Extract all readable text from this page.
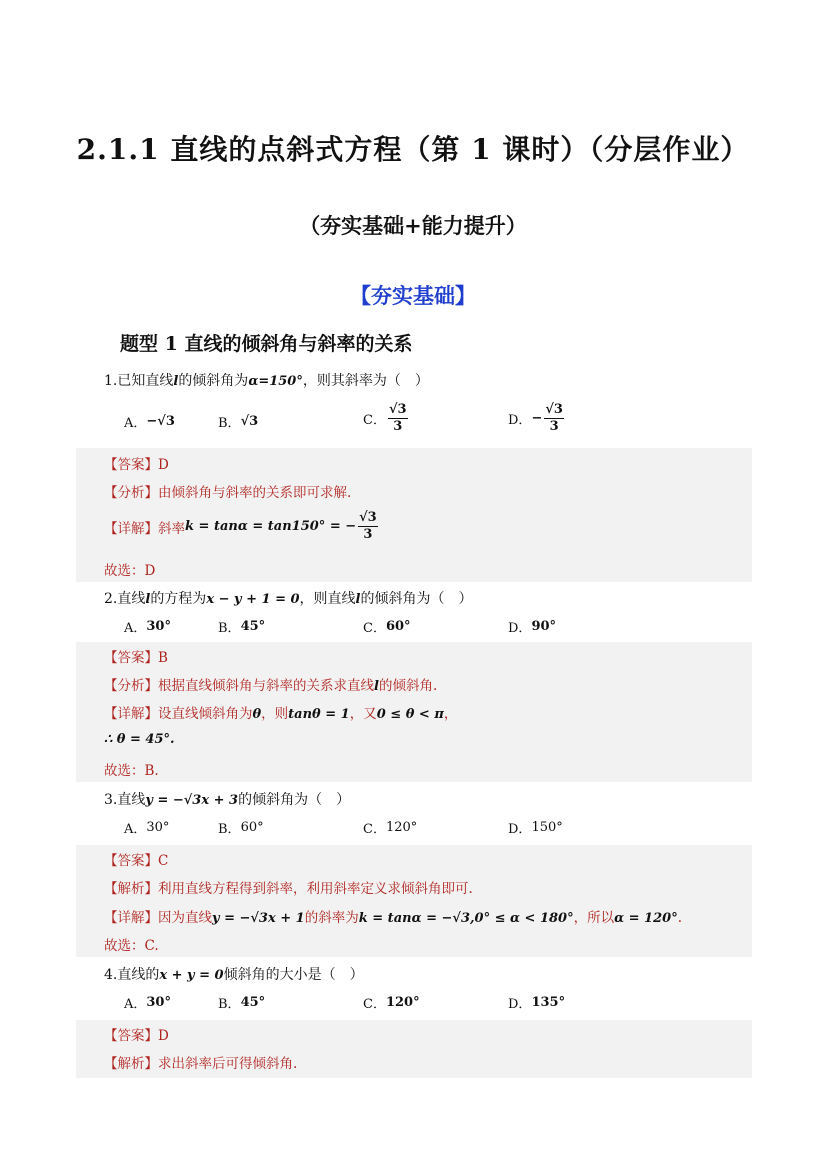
2.1.1 直线的点斜式方程（第 1 课时）（分层作业）
（夯实基础+能力提升）
【夯实基础】
题型 1 直线的倾斜角与斜率的关系
1.已知直线l的倾斜角为α=150°，则其斜率为（　）
A． −√3	B． √3	C． $\frac{√3}{3}$	D． − $\frac{√3}{3}$
【答案】D
【分析】由倾斜角与斜率的关系即可求解.
【详解】 斜率 k = tanα = tan150° = − $\frac{√3}{3}$
故选：D
2.直线l的方程为x − y + 1 = 0，则直线l的倾斜角为（　）
A． 30°	B． 45°	C． 60°	D． 90°
【答案】B
【分析】根据直线倾斜角与斜率的关系求直线l的倾斜角.
【详解】设直线倾斜角为θ，则tanθ = 1，又0 ≤ θ < π，
∴ θ = 45°.
故选：B.
3.直线y = −√3x + 3的倾斜角为（　）
A． 30°	B． 60°	C． 120°	D． 150°
【答案】C
【解析】利用直线方程得到斜率，利用斜率定义求倾斜角即可.
【详解】因为直线y = −√3x + 1的斜率为k = tanα = −√3,0° ≤ α < 180°，所以α = 120°.
故选：C.
4.直线的x + y = 0倾斜角的大小是（　）
A． 30°	B． 45°	C． 120°	D． 135°
【答案】D
【解析】求出斜率后可得倾斜角.
